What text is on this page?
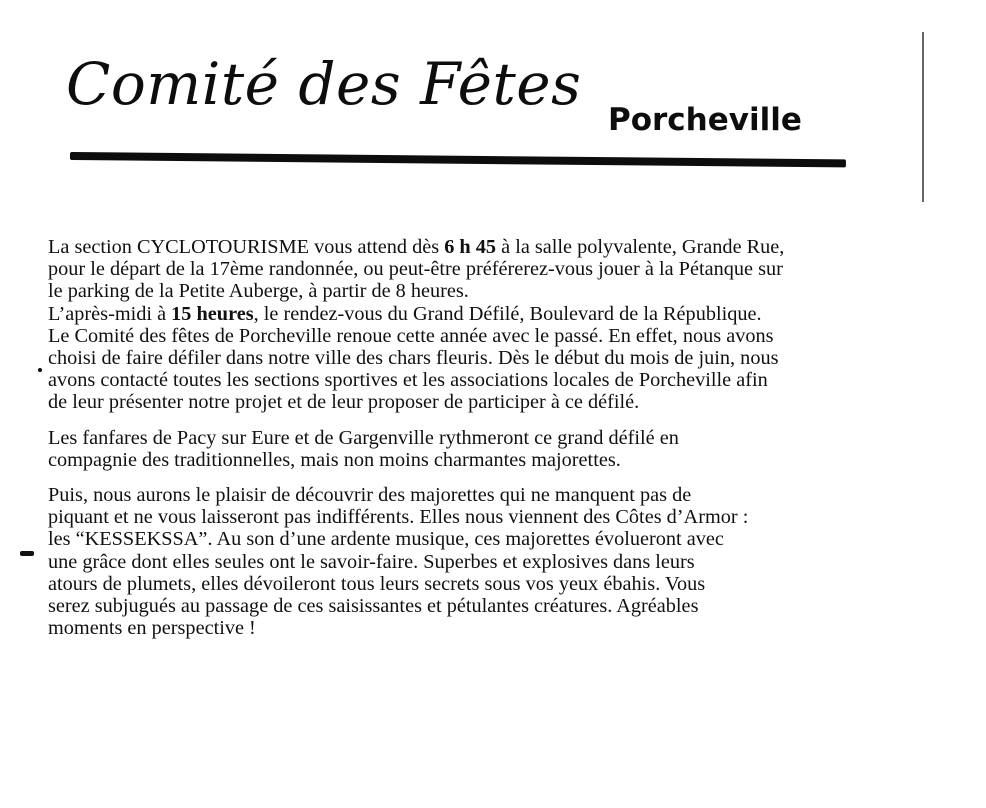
Comité des Fêtes
Porcheville

La section CYCLOTOURISME vous attend dès 6 h 45 à la salle polyvalente, Grande Rue,
pour le départ de la 17ème randonnée, ou peut-être préférerez-vous jouer à la Pétanque sur
le parking de la Petite Auberge, à partir de 8 heures.

L’après-midi à 15 heures, le rendez-vous du Grand Défilé, Boulevard de la République.
Le Comité des fêtes de Porcheville renoue cette année avec le passé. En effet, nous avons
choisi de faire défiler dans notre ville des chars fleuris. Dès le début du mois de juin, nous
avons contacté toutes les sections sportives et les associations locales de Porcheville afin
de leur présenter notre projet et de leur proposer de participer à ce défilé.

Les fanfares de Pacy sur Eure et de Gargenville rythmeront ce grand défilé en
compagnie des traditionnelles, mais non moins charmantes majorettes.

Puis, nous aurons le plaisir de découvrir des majorettes qui ne manquent pas de
piquant et ne vous laisseront pas indifférents. Elles nous viennent des Côtes d’Armor :
les “KESSEKSSA”. Au son d’une ardente musique, ces majorettes évolueront avec
une grâce dont elles seules ont le savoir-faire. Superbes et explosives dans leurs
atours de plumets, elles dévoileront tous leurs secrets sous vos yeux ébahis. Vous
serez subjugués au passage de ces saisissantes et pétulantes créatures. Agréables
moments en perspective !
